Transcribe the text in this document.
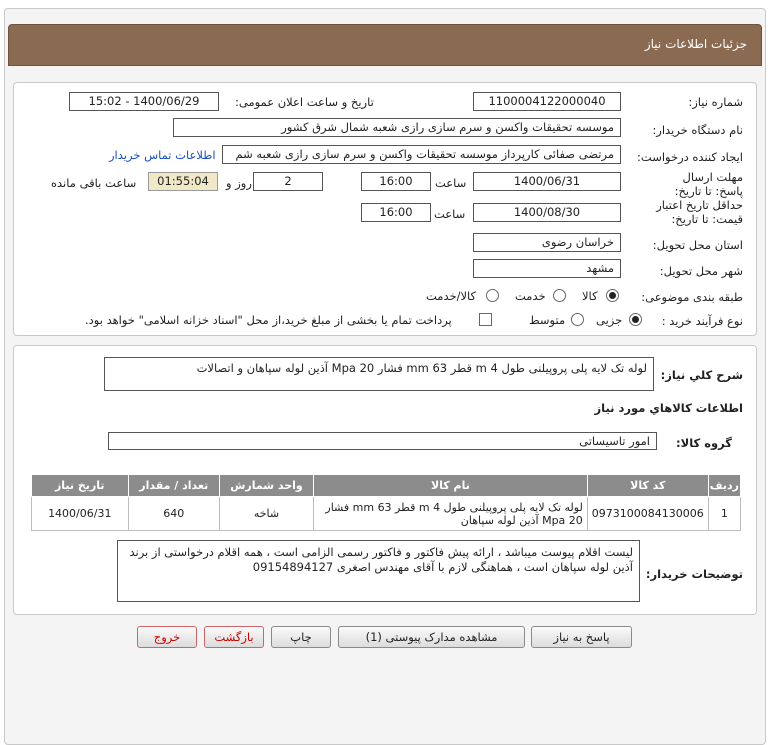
جزئیات اطلاعات نیاز
شماره نیاز:
1100004122000040
تاریخ و ساعت اعلان عمومی:
1400/06/29 - 15:02
نام دستگاه خریدار:
موسسه تحقیقات واکسن و سرم سازی رازی شعبه شمال شرق کشور
ایجاد کننده درخواست:
مرتضی صفائی کارپرداز موسسه تحقیقات واکسن و سرم سازی رازی شعبه شم
اطلاعات تماس خریدار
مهلت ارسال پاسخ: تا تاریخ:
1400/06/31
ساعت
16:00
2
روز و
01:55:04
ساعت باقی مانده
حداقل تاریخ اعتبار قیمت: تا تاریخ:
1400/08/30
ساعت
16:00
استان محل تحویل:
خراسان رضوی
شهر محل تحویل:
مشهد
طبقه بندی موضوعی:
کالا
خدمت
کالا/خدمت
نوع فرآیند خرید :
جزیی
متوسط
پرداخت تمام یا بخشی از مبلغ خرید،از محل "اسناد خزانه اسلامی" خواهد بود.
شرح کلي نياز:
لوله تک لایه پلی پروپیلنی طول 4 m قطر 63 mm فشار 20 Mpa آذین لوله سپاهان و اتصالات
اطلاعات کالاهاي مورد نياز
گروه کالا:
امور تاسیساتی
ردیف	کد کالا	نام کالا	واحد شمارش	تعداد / مقدار	تاریخ نیاز
1	0973100084130006	لوله تک لایه پلی پروپیلنی طول 4 m قطر 63 mm فشار 20 Mpa آذین لوله سپاهان	شاخه	640	1400/06/31
توضیحات خریدار:
لیست اقلام پیوست میباشد ، ارائه پیش فاکتور و فاکتور رسمی الزامی است ، همه اقلام درخواستی از برند آذین لوله سپاهان است ، هماهنگی لازم با آقای مهندس اصغری 09154894127
پاسخ به نیاز
مشاهده مدارک پیوستی (1)
چاپ
بازگشت
خروج
